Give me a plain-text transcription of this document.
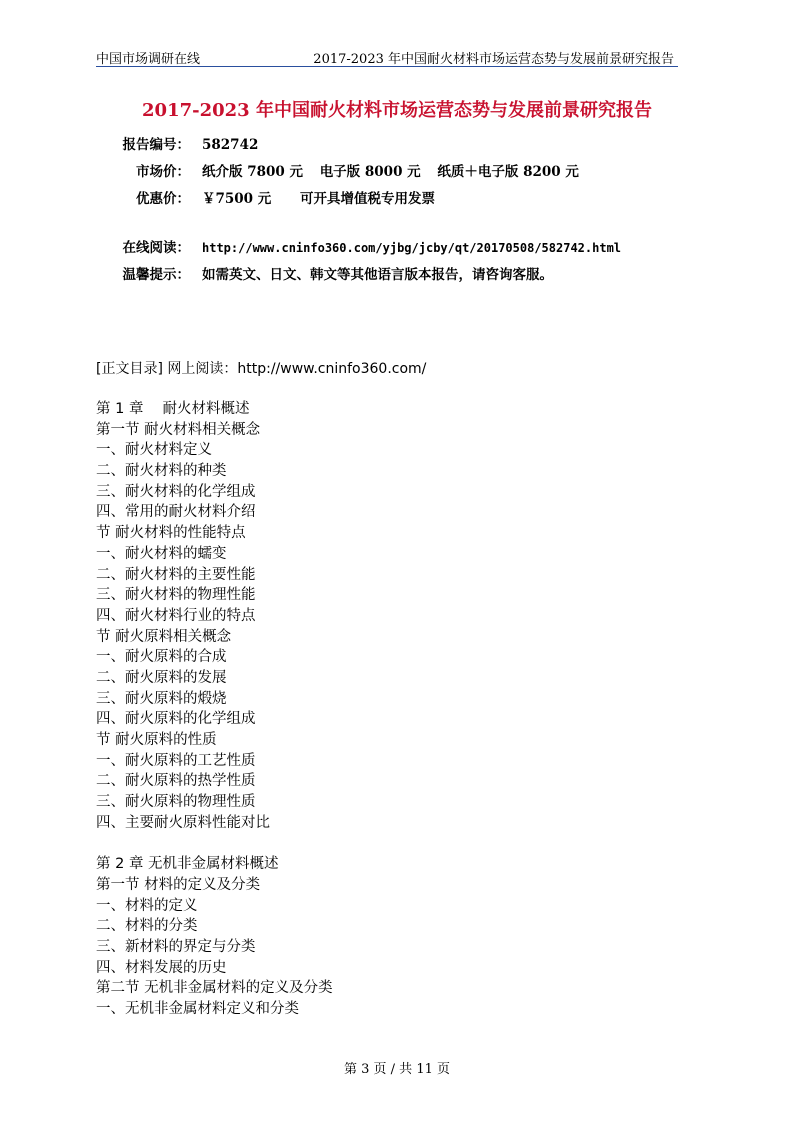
中国市场调研在线	2017-2023 年中国耐火材料市场运营态势与发展前景研究报告
2017-2023 年中国耐火材料市场运营态势与发展前景研究报告
报告编号： 582742
市场价： 纸介版 7800 元 电子版 8000 元 纸质＋电子版 8200 元
优惠价： ￥7500 元 可开具增值税专用发票
在线阅读： http://www.cninfo360.com/yjbg/jcby/qt/20170508/582742.html
温馨提示： 如需英文、日文、韩文等其他语言版本报告，请咨询客服。
[正文目录] 网上阅读：http://www.cninfo360.com/
第 1 章　 耐火材料概述
第一节 耐火材料相关概念
一、耐火材料定义
二、耐火材料的种类
三、耐火材料的化学组成
四、常用的耐火材料介绍
节 耐火材料的性能特点
一、耐火材料的蠕变
二、耐火材料的主要性能
三、耐火材料的物理性能
四、耐火材料行业的特点
节 耐火原料相关概念
一、耐火原料的合成
二、耐火原料的发展
三、耐火原料的煅烧
四、耐火原料的化学组成
节 耐火原料的性质
一、耐火原料的工艺性质
二、耐火原料的热学性质
三、耐火原料的物理性质
四、主要耐火原料性能对比
第 2 章 无机非金属材料概述
第一节 材料的定义及分类
一、材料的定义
二、材料的分类
三、新材料的界定与分类
四、材料发展的历史
第二节 无机非金属材料的定义及分类
一、无机非金属材料定义和分类
第 3 页 / 共 11 页
